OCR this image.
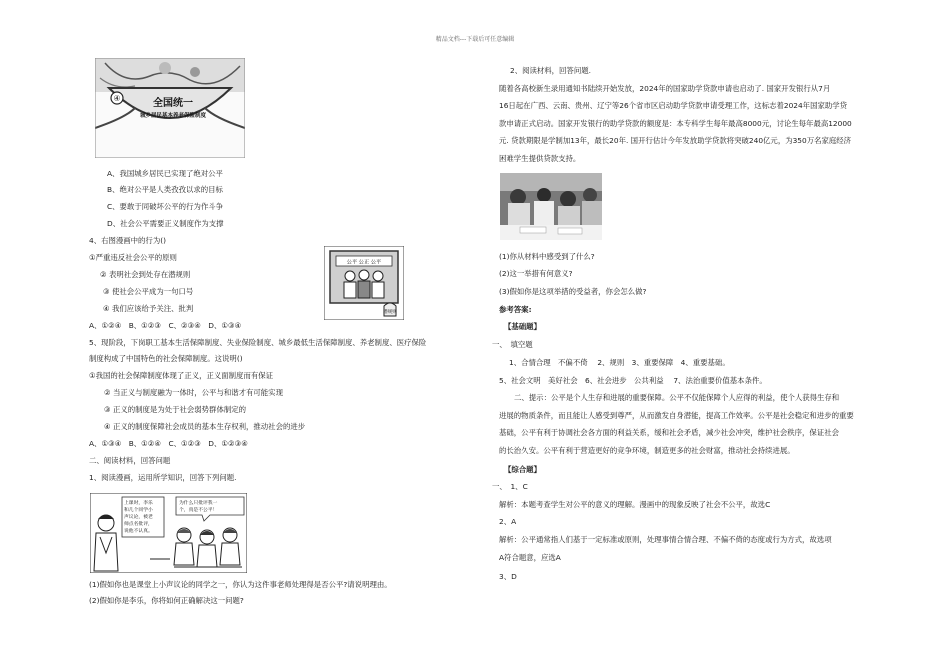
精品文档---下载后可任意编辑
④	全国统一
城乡居民基本养老保险制度
公平 公正 公平
潜规则
上课时，李乐 和几个同学小 声议论，被老 师点名批评， 说他不认真。
为什么只批评我一 个，真是不公平！
A、我国城乡居民已实现了绝对公平
B、绝对公平是人类孜孜以求的目标
C、要敢于同破坏公平的行为作斗争
D、社会公平需要正义制度作为支撑
4、右图漫画中的行为()
①严重违反社会公平的原则
② 表明社会到处存在潜规则
③ 使社会公平成为一句口号
④ 我们应该给予关注、批判
A、①②④　B、①②③　C、②③④　D、①③④
5、现阶段，下岗职工基本生活保障制度、失业保险制度、城乡最低生活保障制度、养老制度、医疗保险
制度构成了中国特色的社会保障制度。这说明()
①我国的社会保障制度体现了正义，正义面制度而有保证
② 当正义与制度融为一体时，公平与和谐才有可能实现
③ 正义的制度是为处于社会弱势群体制定的
④ 正义的制度保障社会成员的基本生存权利，推动社会的进步
A、①③④　B、①②④　C、①②③　D、①②③④
二、阅读材料，回答问题
1、阅读漫画，运用所学知识，回答下列问题.
(1)假如你也是课堂上小声议论的同学之一，你认为这件事老师处理得是否公平?请说明理由。
(2)假如你是李乐，你将如何正确解决这一问题?
2、阅读材料，回答问题.
随着各高校新生录用通知书陆续开始发放，2024年的国家助学贷款申请也启动了. 国家开发银行从7月
16日起在广西、云南、贵州、辽宁等26个省市区启动助学贷款申请受理工作，这标志着2024年国家助学贷
款申请正式启动。国家开发银行的助学贷款的额度是：本专科学生每年最高8000元，讨论生每年最高12000
元. 贷款期限是学制加13年，最长20年. 国开行估计今年发放助学贷款将突破240亿元，为350万名家庭经济
困难学生提供贷款支持。
(1)你从材料中感受到了什么?
(2)这一举措有何意义?
(3)假如你是这项举措的受益者，你会怎么做?
参考答案:
【基础题】
一、　填空题
1、合情合理　不偏不倚　 2、规则　3、重要保障　4、重要基础。
5、社会文明　美好社会　6、社会进步　公共利益　 7、法治重要价值基本条件。
二、提示：公平是个人生存和进展的重要保障。公平不仅能保障个人应得的利益，使个人获得生存和
进展的物质条件，而且能让人感受到尊严，从而激发自身潜能，提高工作效率。公平是社会稳定和进步的重要
基础，公平有利于协调社会各方面的利益关系，缓和社会矛盾，减少社会冲突，维护社会秩序，保证社会
的长治久安。公平有利于营造更好的竞争环境，制造更多的社会财富，推动社会持续进展。
【综合题】
一、　1、C
解析：本题考查学生对公平的意义的理解。漫画中的现象反映了社会不公平，故选C
2、A
解析：公平通常指人们基于一定标准或原则，处理事情合情合理、不偏不倚的态度或行为方式，故选项
A符合题意，应选A
3、D
